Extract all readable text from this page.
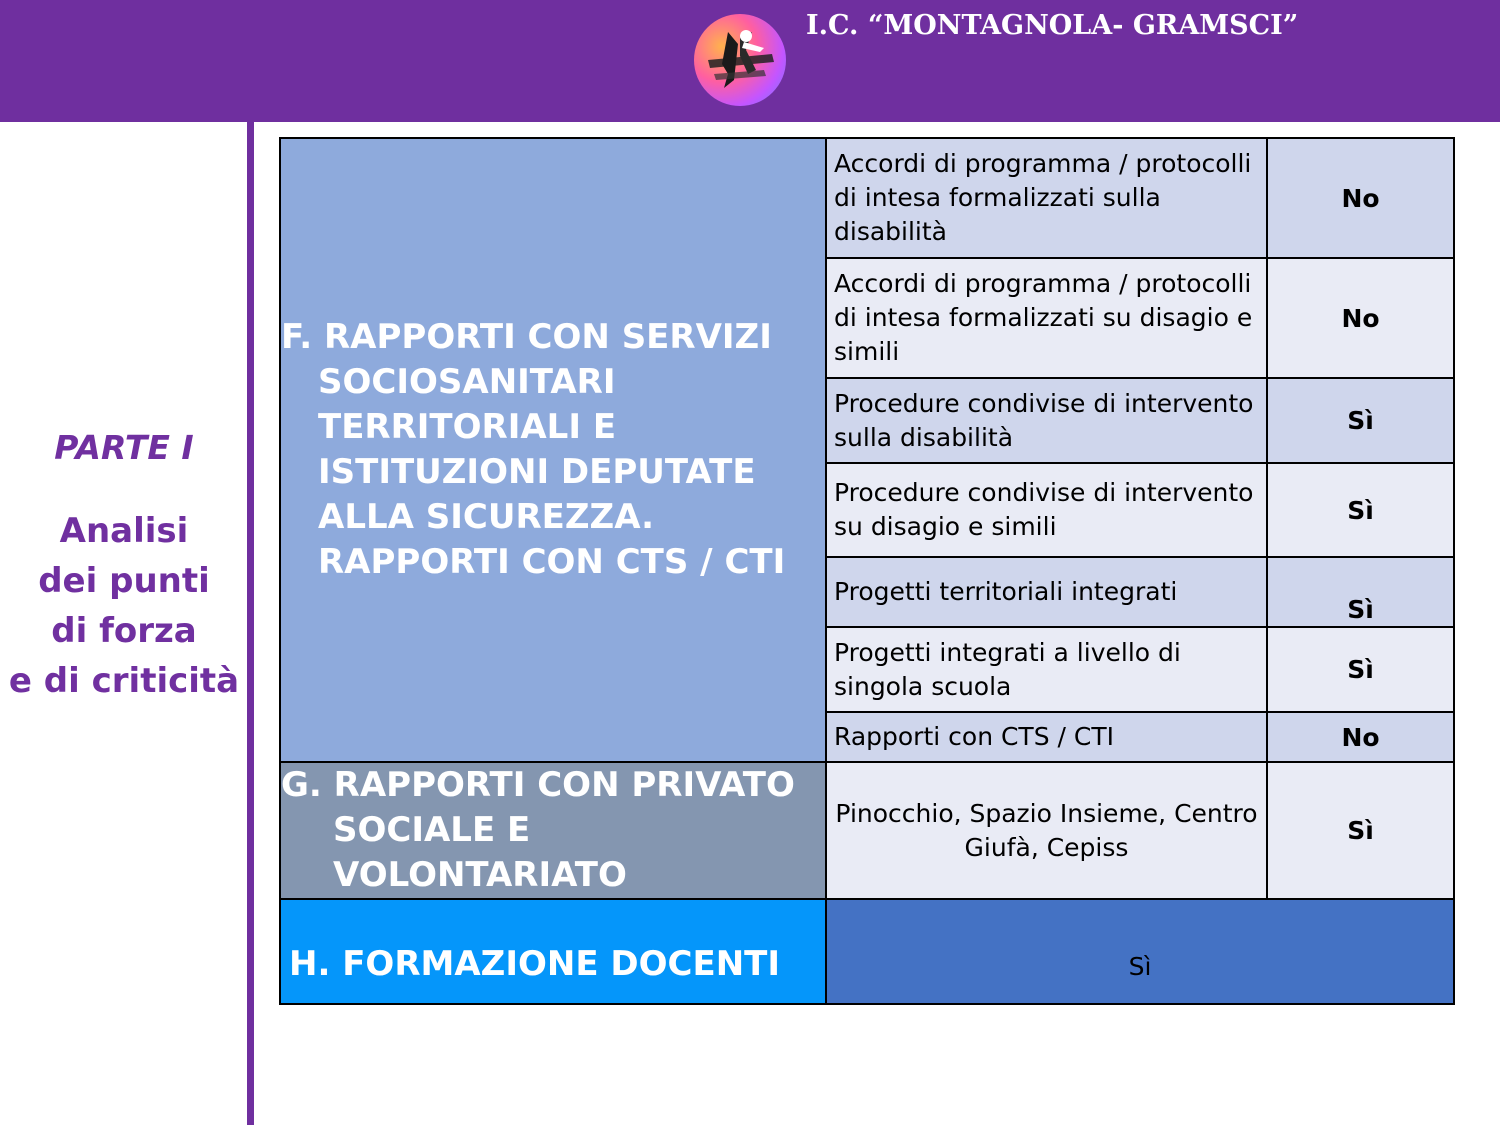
I.C. “MONTAGNOLA- GRAMSCI”
PARTE I
Analisi
dei punti
di forza
e di criticità
F. RAPPORTI CON SERVIZI SOCIOSANITARI TERRITORIALI E ISTITUZIONI DEPUTATE ALLA SICUREZZA. RAPPORTI CON CTS / CTI	Accordi di programma / protocolli di intesa formalizzati sulla disabilità	No
	Accordi di programma / protocolli di intesa formalizzati su disagio e simili	No
	Procedure condivise di intervento sulla disabilità	Sì
	Procedure condivise di intervento su disagio e simili	Sì
	Progetti territoriali integrati	Sì
	Progetti integrati a livello di singola scuola	Sì
	Rapporti con CTS / CTI	No
G. RAPPORTI CON PRIVATO SOCIALE E VOLONTARIATO	Pinocchio, Spazio Insieme, Centro Giufà, Cepiss	Sì
H. FORMAZIONE DOCENTI	Sì	
